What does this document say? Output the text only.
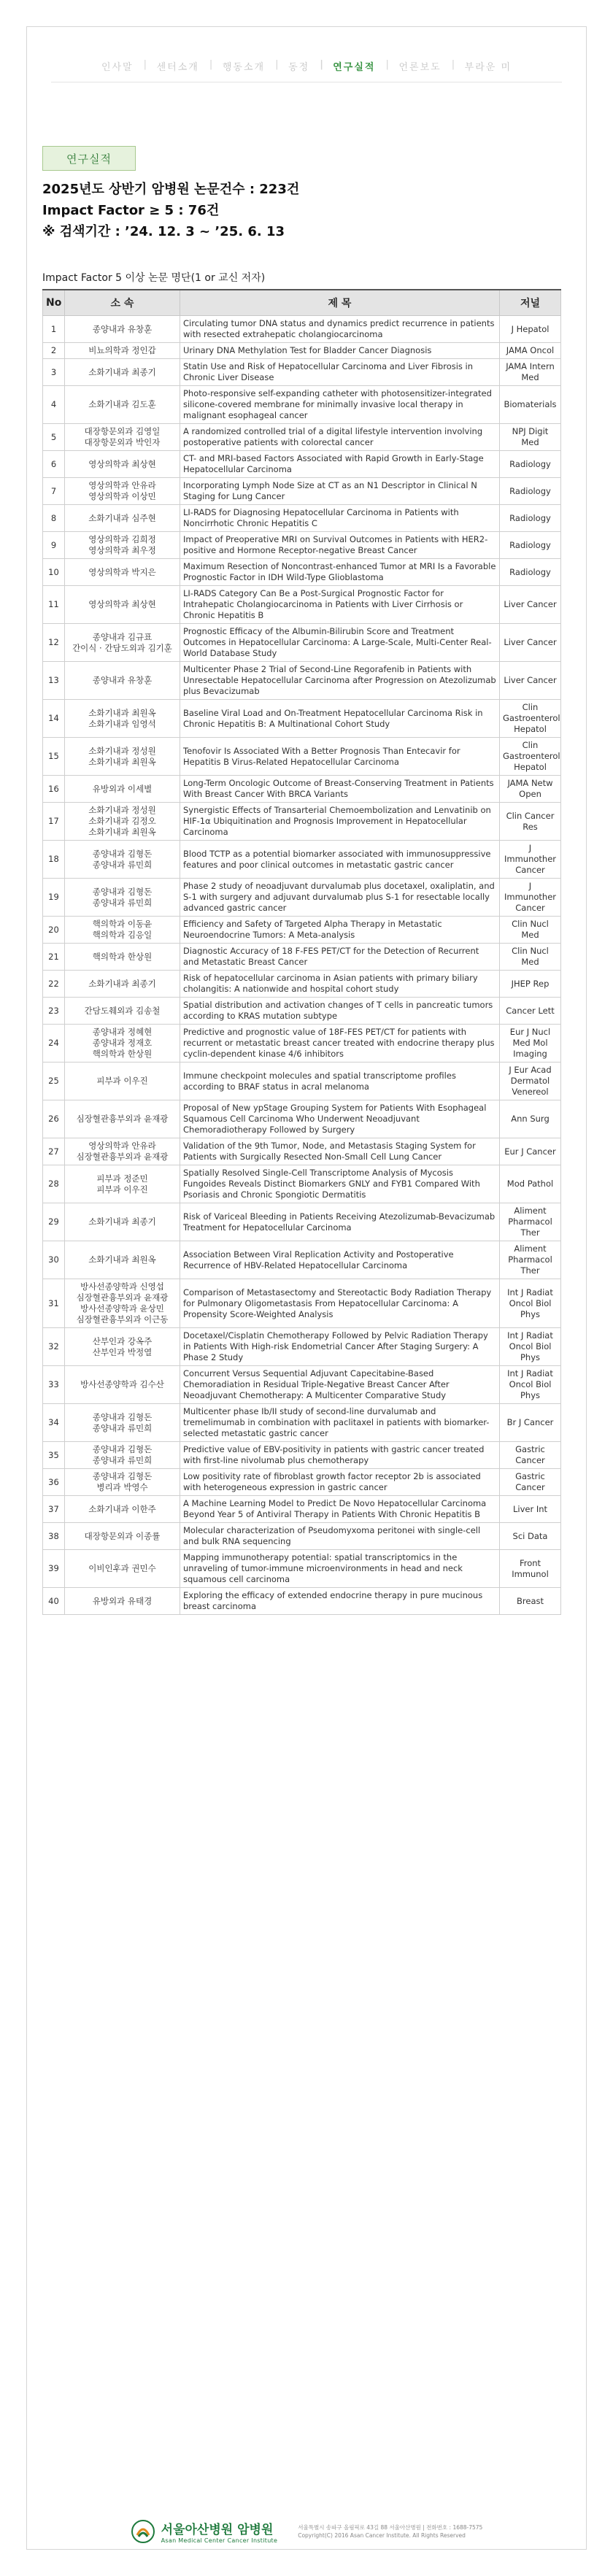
인사말	| 센터소개	| 행동소개	| 동정	| 연구실적	| 언론보도	| 부라운 미
연구실적
2025년도 상반기 암병원 논문건수 : 223건
Impact Factor ≥ 5 : 76건
※ 검색기간 : ’24. 12. 3 ~ ’25. 6. 13
Impact Factor 5 이상 논문 명단(1 or 교신 저자)
No	소 속	제 목	저널
1	종양내과 유창훈	Circulating tumor DNA status and dynamics predict recurrence in patients with resected extrahepatic cholangiocarcinoma	J Hepatol
2	비뇨의학과 정인갑	Urinary DNA Methylation Test for Bladder Cancer Diagnosis	JAMA Oncol
3	소화기내과 최종기	Statin Use and Risk of Hepatocellular Carcinoma and Liver Fibrosis in Chronic Liver Disease	JAMA Intern
Med
4	소화기내과 김도훈	Photo-responsive self-expanding catheter with photosensitizer-integrated silicone-covered membrane for minimally invasive local therapy in malignant esophageal cancer	Biomaterials
5	대장항문외과 김영일
대장항문외과 박인자	A randomized controlled trial of a digital lifestyle intervention involving postoperative patients with colorectal cancer	NPJ Digit Med
6	영상의학과 최상현	CT- and MRI-based Factors Associated with Rapid Growth in Early-Stage Hepatocellular Carcinoma	Radiology
7	영상의학과 안유라
영상의학과 이상민	Incorporating Lymph Node Size at CT as an N1 Descriptor in Clinical N Staging for Lung Cancer	Radiology
8	소화기내과 심주현	LI-RADS for Diagnosing Hepatocellular Carcinoma in Patients with Noncirrhotic Chronic Hepatitis C	Radiology
9	영상의학과 김희정
영상의학과 최우정	Impact of Preoperative MRI on Survival Outcomes in Patients with HER2-positive and Hormone Receptor-negative Breast Cancer	Radiology
10	영상의학과 박지은	Maximum Resection of Noncontrast-enhanced Tumor at MRI Is a Favorable Prognostic Factor in IDH Wild-Type Glioblastoma	Radiology
11	영상의학과 최상현	LI-RADS Category Can Be a Post-Surgical Prognostic Factor for Intrahepatic Cholangiocarcinoma in Patients with Liver Cirrhosis or Chronic Hepatitis B	Liver Cancer
12	종양내과 김규표
간이식 · 간담도외과 김기훈	Prognostic Efficacy of the Albumin-Bilirubin Score and Treatment Outcomes in Hepatocellular Carcinoma: A Large-Scale, Multi-Center Real-World Database Study	Liver Cancer
13	종양내과 유창훈	Multicenter Phase 2 Trial of Second-Line Regorafenib in Patients with Unresectable Hepatocellular Carcinoma after Progression on Atezolizumab plus Bevacizumab	Liver Cancer
14	소화기내과 최원옥
소화기내과 임영석	Baseline Viral Load and On-Treatment Hepatocellular Carcinoma Risk in Chronic Hepatitis B: A Multinational Cohort Study	Clin
Gastroenterol
Hepatol
15	소화기내과 정성원
소화기내과 최원옥	Tenofovir Is Associated With a Better Prognosis Than Entecavir for Hepatitis B Virus-Related Hepatocellular Carcinoma	Clin
Gastroenterol
Hepatol
16	유방외과 이세별	Long-Term Oncologic Outcome of Breast-Conserving Treatment in Patients With Breast Cancer With BRCA Variants	JAMA Netw
Open
17	소화기내과 정성원
소화기내과 김정오
소화기내과 최원옥	Synergistic Effects of Transarterial Chemoembolization and Lenvatinib on HIF-1α Ubiquitination and Prognosis Improvement in Hepatocellular Carcinoma	Clin Cancer
Res
18	종양내과 김형돈
종양내과 류민희	Blood TCTP as a potential biomarker associated with immunosuppressive features and poor clinical outcomes in metastatic gastric cancer	J Immunother
Cancer
19	종양내과 김형돈
종양내과 류민희	Phase 2 study of neoadjuvant durvalumab plus docetaxel, oxaliplatin, and S-1 with surgery and adjuvant durvalumab plus S-1 for resectable locally advanced gastric cancer	J Immunother
Cancer
20	핵의학과 이동윤
핵의학과 김응일	Efficiency and Safety of Targeted Alpha Therapy in Metastatic Neuroendocrine Tumors: A Meta-analysis	Clin Nucl Med
21	핵의학과 한상원	Diagnostic Accuracy of 18 F-FES PET/CT for the Detection of Recurrent and Metastatic Breast Cancer	Clin Nucl Med
22	소화기내과 최종기	Risk of hepatocellular carcinoma in Asian patients with primary biliary cholangitis: A nationwide and hospital cohort study	JHEP Rep
23	간담도췌외과 김송철	Spatial distribution and activation changes of T cells in pancreatic tumors according to KRAS mutation subtype	Cancer Lett
24	종양내과 정혜현
종양내과 정재호
핵의학과 한상원	Predictive and prognostic value of 18F-FES PET/CT for patients with recurrent or metastatic breast cancer treated with endocrine therapy plus cyclin-dependent kinase 4/6 inhibitors	Eur J Nucl
Med Mol
Imaging
25	피부과 이우진	Immune checkpoint molecules and spatial transcriptome profiles according to BRAF status in acral melanoma	J Eur Acad
Dermatol
Venereol
26	심장혈관흉부외과 윤재광	Proposal of New ypStage Grouping System for Patients With Esophageal Squamous Cell Carcinoma Who Underwent Neoadjuvant Chemoradiotherapy Followed by Surgery	Ann Surg
27	영상의학과 안유라
심장혈관흉부외과 윤재광	Validation of the 9th Tumor, Node, and Metastasis Staging System for Patients with Surgically Resected Non-Small Cell Lung Cancer	Eur J Cancer
28	피부과 정준민
피부과 이우진	Spatially Resolved Single-Cell Transcriptome Analysis of Mycosis Fungoides Reveals Distinct Biomarkers GNLY and FYB1 Compared With Psoriasis and Chronic Spongiotic Dermatitis	Mod Pathol
29	소화기내과 최종기	Risk of Variceal Bleeding in Patients Receiving Atezolizumab-Bevacizumab Treatment for Hepatocellular Carcinoma	Aliment
Pharmacol
Ther
30	소화기내과 최원옥	Association Between Viral Replication Activity and Postoperative Recurrence of HBV-Related Hepatocellular Carcinoma	Aliment
Pharmacol
Ther
31	방사선종양학과 신영섭
심장혈관흉부외과 윤재광
방사선종양학과 윤상민
심장혈관흉부외과 이근동	Comparison of Metastasectomy and Stereotactic Body Radiation Therapy for Pulmonary Oligometastasis From Hepatocellular Carcinoma: A Propensity Score-Weighted Analysis	Int J Radiat
Oncol Biol
Phys
32	산부인과 강옥주
산부인과 박정열	Docetaxel/Cisplatin Chemotherapy Followed by Pelvic Radiation Therapy in Patients With High-risk Endometrial Cancer After Staging Surgery: A Phase 2 Study	Int J Radiat
Oncol Biol
Phys
33	방사선종양학과 김수산	Concurrent Versus Sequential Adjuvant Capecitabine-Based Chemoradiation in Residual Triple-Negative Breast Cancer After Neoadjuvant Chemotherapy: A Multicenter Comparative Study	Int J Radiat
Oncol Biol
Phys
34	종양내과 김형돈
종양내과 류민희	Multicenter phase Ib/II study of second-line durvalumab and tremelimumab in combination with paclitaxel in patients with biomarker-selected metastatic gastric cancer	Br J Cancer
35	종양내과 김형돈
종양내과 류민희	Predictive value of EBV-positivity in patients with gastric cancer treated with first-line nivolumab plus chemotherapy	Gastric Cancer
36	종양내과 김형돈
병리과 박영수	Low positivity rate of fibroblast growth factor receptor 2b is associated with heterogeneous expression in gastric cancer	Gastric Cancer
37	소화기내과 이한주	A Machine Learning Model to Predict De Novo Hepatocellular Carcinoma Beyond Year 5 of Antiviral Therapy in Patients With Chronic Hepatitis B	Liver Int
38	대장항문외과 이종률	Molecular characterization of Pseudomyxoma peritonei with single-cell and bulk RNA sequencing	Sci Data
39	이비인후과 권민수	Mapping immunotherapy potential: spatial transcriptomics in the unraveling of tumor-immune microenvironments in head and neck squamous cell carcinoma	Front
Immunol
40	유방외과 유태경	Exploring the efficacy of extended endocrine therapy in pure mucinous breast carcinoma	Breast
서울아산병원 암병원
Asan Medical Center Cancer Institute
서울특별시 송파구 올림픽로 43길 88 서울아산병원 | 전화번호 : 1688-7575
Copyright(C) 2016 Asan Cancer Institute. All Rights Reserved
